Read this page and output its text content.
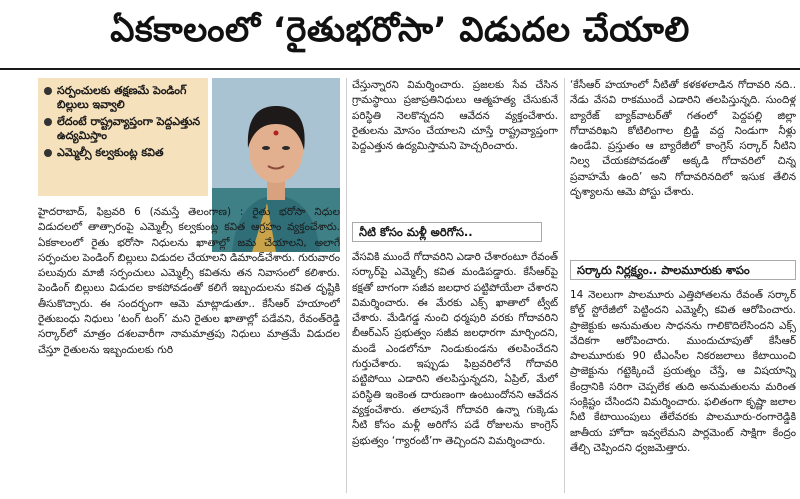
ఏకకాలంలో ‘రైతుభరోసా’ విడుదల చేయాలి
సర్పంచులకు తక్షణమే పెండింగ్ బిల్లులు ఇవ్వాలి
లేదంటే రాష్ట్రవ్యాప్తంగా పెద్దఎత్తున ఉద్యమిస్తాం
ఎమ్మెల్సీ కల్వకుంట్ల కవిత
హైదరాబాద్, ఫిబ్రవరి 6 (నమస్తే తెలంగాణ) : రైతు భరోసా నిధుల విడుదలలో తాత్సారంపై ఎమ్మెల్సీ కల్వకుంట్ల కవిత ఆగ్రహం వ్యక్తంచేశారు. ఏకకాలంలో రైతు భరోసా నిధులను ఖాతాల్లో జమ చేయాలని, అలాగే సర్పంచుల పెండింగ్ బిల్లులు విడుదల చేయాలని డిమాండ్‌చేశారు. గురువారం పలువురు మాజీ సర్పంచులు ఎమ్మెల్సీ కవితను తన నివాసంలో కలిశారు. పెండింగ్ బిల్లులు విడుదల కాకపోవడంతో కలిగే ఇబ్బందులను కవిత దృష్టికి తీసుకొచ్చారు. ఈ సందర్భంగా ఆమె మాట్లాడుతూ.. కేసీఆర్ హయాంలో రైతుబంధు నిధులు ‘టంగ్ టంగ్’ మని రైతుల ఖాతాల్లో పడేవని, రేవంత్‌రెడ్డి సర్కార్‌లో మాత్రం దశలవారీగా నామమాత్రపు నిధులు మాత్రమే విడుదల చేస్తూ రైతులను ఇబ్బందులకు గురి
చేస్తున్నారని విమర్శించారు. ప్రజలకు సేవ చేసిన గ్రామస్థాయి ప్రజాప్రతినిధులు ఆత్మహత్య చేసుకునే పరిస్థితి నెలకొన్నదని ఆవేదన వ్యక్తంచేశారు. రైతులను మోసం చేయాలని చూస్తే రాష్ట్రవ్యాప్తంగా పెద్దఎత్తున ఉద్యమిస్తామని హెచ్చరించారు.
నీటి కోసం మళ్లీ అరిగోస..
వేసవికి ముందే గోదావరిని ఎడారి చేశారంటూ రేవంత్ సర్కార్‌పై ఎమ్మెల్సీ కవిత మండిపడ్డారు. కేసీఆర్‌పై కక్షతో బాగంగా సజీవ జలధార పట్టిపోయేలా చేశారని విమర్శించారు. ఈ మేరకు ఎక్స్ ఖాతాలో ట్వీట్ చేశారు. మేడిగడ్డ నుంచి ధర్మపురి వరకు గోదావరిని బీఆర్ఎస్ ప్రభుత్వం సజీవ జలధారగా మార్చిందని, మండే ఎండలోనూ నిండుకుండను తలపించేదని గుర్తుచేశారు. ఇప్పుడు ఫిబ్రవరిలోనే గోదావరి పట్టిపోయి ఎడారిని తలపిస్తున్నదని, ఏప్రిల్, మేలో పరిస్థితి ఇంకెంత దారుణంగా ఉంటుందోనని ఆవేదన వ్యక్తంచేశారు. తలాపునే గోదావరి ఉన్నా గుక్కెడు నీటి కోసం మళ్లీ అరిగోస పడే రోజులను కాంగ్రెస్ ప్రభుత్వం ‘గ్యారంటీ’గా తెచ్చిందని విమర్శించారు.
‘కేసీఆర్ హయాంలో నీటితో కళకళలాడిన గోదావరి నది.. నేడు వేసవి రాకముందే ఎడారిని తలపిస్తున్నది. సుందిళ్ల బ్యారేజ్ బ్యాక్‌వాటర్‌తో గతంలో పెద్దపల్లి జిల్లా గోదావరిఖని కోటిలింగాల బ్రిడ్జి వద్ద నిండుగా నీళ్లు ఉండేవి. ప్రస్తుతం ఆ బ్యారేజీలో కాంగ్రెస్ సర్కార్ నీటిని నిల్వ చేయకపోవడంతో అక్కడి గోదావరిలో చిన్న ప్రవాహమే ఉంది’ అని గోదావరినదిలో ఇసుక తేలిన దృశ్యాలను ఆమె పోస్టు చేశారు.
సర్కారు నిర్లక్ష్యం.. పాలమూరుకు శాపం
14 నెలలుగా పాలమూరు ఎత్తిపోతలను రేవంత్ సర్కార్ కోల్డ్ స్టోరేజీలో పెట్టిందని ఎమ్మెల్సీ కవిత ఆరోపించారు. ప్రాజెక్టుకు అనుమతుల సాధనను గాలికొదిలేసిందని ఎక్స్ వేదికగా ఆరోపించారు. ముందుచూపుతో కేసీఆర్ పాలమూరుకు 90 టీఎంసీల నికరజలాలు కేటాయించి ప్రాజెక్టును గట్టెక్కించే ప్రయత్నం చేస్తే, ఆ విషయాన్ని కేంద్రానికి సరిగా చెప్పలేక తుది అనుమతులను మరింత సంక్లిష్టం చేసిందని విమర్శించారు. ఫలితంగా కృష్ణా జలాల నీటి కేటాయింపులు తేలేవరకు పాలమూరు-రంగారెడ్డికి జాతీయ హోదా ఇవ్వలేమని పార్లమెంట్ సాక్షిగా కేంద్రం తేల్చి చెప్పిందని ధ్వజమెత్తారు.
